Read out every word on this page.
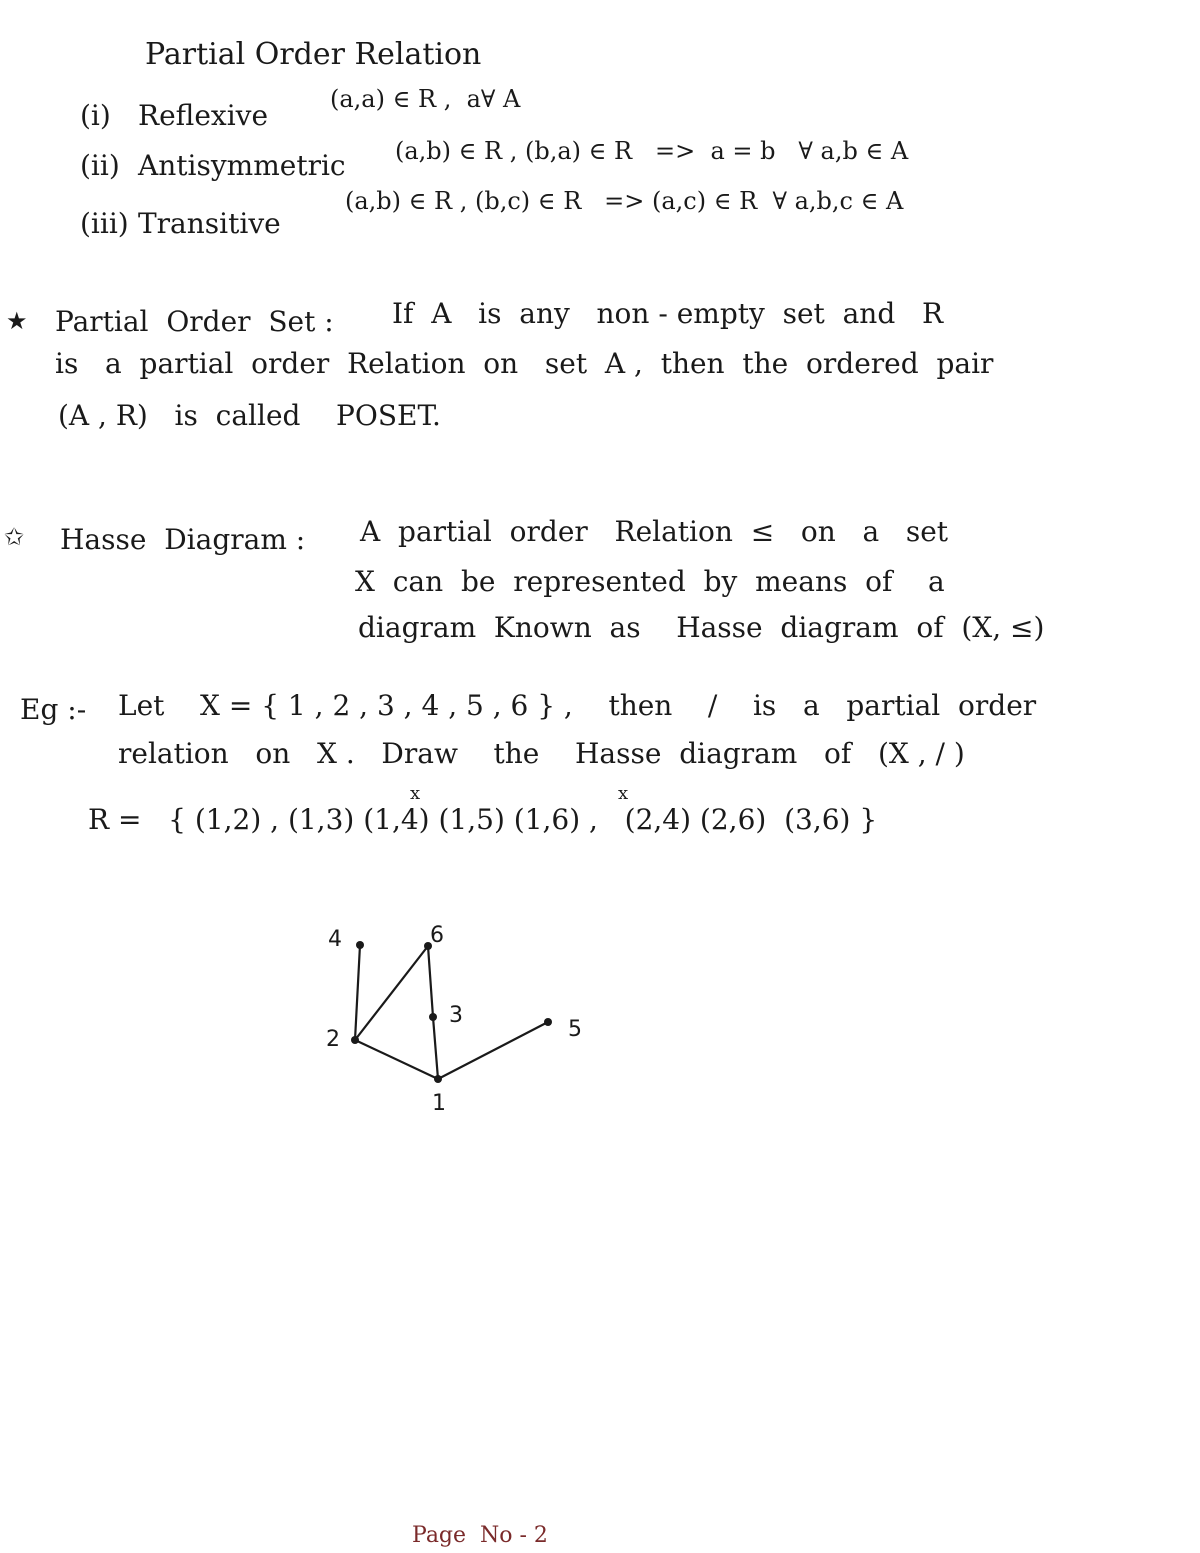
Partial Order Relation
(i) Reflexive	(a,a) ∈ R ,  a∀ A
(ii) Antisymmetric (a,b) ∈ R , (b,a) ∈ R   =>  a = b   ∀ a,b ∈ A
(iii) Transitive
(a,b) ∈ R , (b,c) ∈ R   => (a,c) ∈ R  ∀ a,b,c ∈ A
★ Partial  Order  Set : If  A   is  any   non - empty  set  and   R
is   a  partial  order  Relation  on   set  A ,  then  the  ordered  pair
(A , R)   is  called    POSET.
✩ Hasse  Diagram : A  partial  order   Relation  ≤   on   a   set
X  can  be  represented  by  means  of    a
diagram  Known  as    Hasse  diagram  of  (X, ≤)
Eg :- Let    X = { 1 , 2 , 3 , 4 , 5 , 6 } ,    then    /    is   a   partial  order
relation   on   X .   Draw    the    Hasse  diagram   of   (X , / )
x	x
R =   { (1,2) , (1,3) (1,4) (1,5) (1,6) ,   (2,4) (2,6)  (3,6) }
1
2
3
4
5
6
Page  No - 2
